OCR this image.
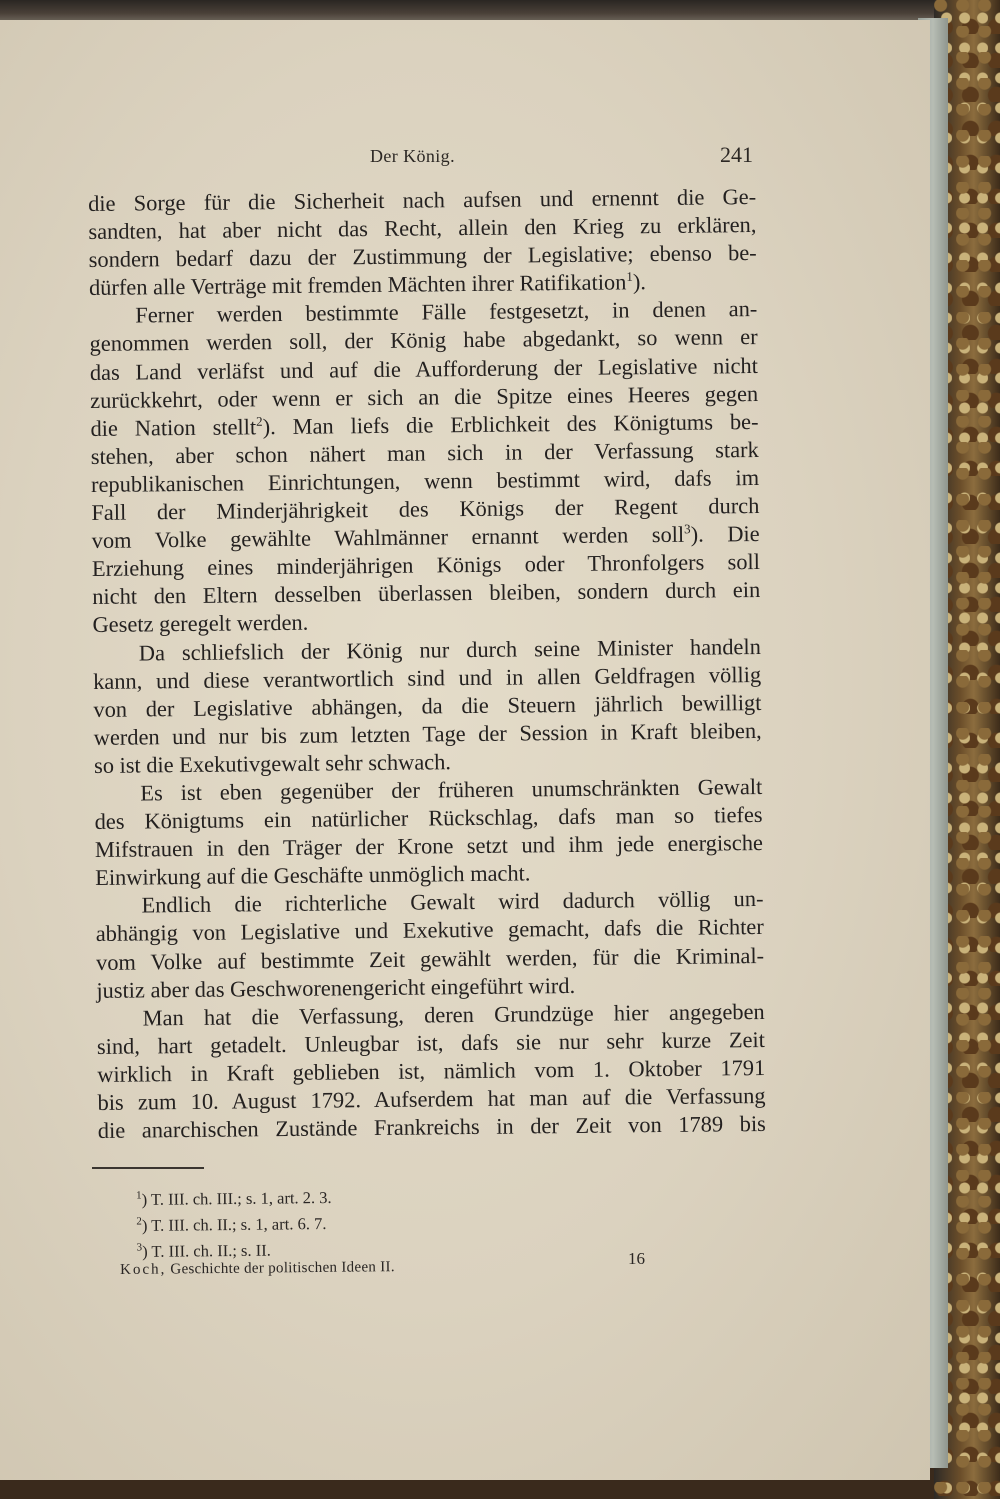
Der König.	241
die Sorge für die Sicherheit nach aufsen und ernennt die Ge-
sandten, hat aber nicht das Recht, allein den Krieg zu erklären,
sondern bedarf dazu der Zustimmung der Legislative; ebenso be-
dürfen alle Verträge mit fremden Mächten ihrer Ratifikation$^1$).
Ferner werden bestimmte Fälle festgesetzt, in denen an-
genommen werden soll, der König habe abgedankt, so wenn er
das Land verläfst und auf die Aufforderung der Legislative nicht
zurückkehrt, oder wenn er sich an die Spitze eines Heeres gegen
die Nation stellt$^2$). Man liefs die Erblichkeit des Königtums be-
stehen, aber schon nähert man sich in der Verfassung stark
republikanischen Einrichtungen, wenn bestimmt wird, dafs im
Fall der Minderjährigkeit des Königs der Regent durch
vom Volke gewählte Wahlmänner ernannt werden soll$^3$). Die
Erziehung eines minderjährigen Königs oder Thronfolgers soll
nicht den Eltern desselben überlassen bleiben, sondern durch ein
Gesetz geregelt werden.
Da schliefslich der König nur durch seine Minister handeln
kann, und diese verantwortlich sind und in allen Geldfragen völlig
von der Legislative abhängen, da die Steuern jährlich bewilligt
werden und nur bis zum letzten Tage der Session in Kraft bleiben,
so ist die Exekutivgewalt sehr schwach.
Es ist eben gegenüber der früheren unumschränkten Gewalt
des Königtums ein natürlicher Rückschlag, dafs man so tiefes
Mifstrauen in den Träger der Krone setzt und ihm jede energische
Einwirkung auf die Geschäfte unmöglich macht.
Endlich die richterliche Gewalt wird dadurch völlig un-
abhängig von Legislative und Exekutive gemacht, dafs die Richter
vom Volke auf bestimmte Zeit gewählt werden, für die Kriminal-
justiz aber das Geschworenengericht eingeführt wird.
Man hat die Verfassung, deren Grundzüge hier angegeben
sind, hart getadelt. Unleugbar ist, dafs sie nur sehr kurze Zeit
wirklich in Kraft geblieben ist, nämlich vom 1. Oktober 1791
bis zum 10. August 1792. Aufserdem hat man auf die Verfassung
die anarchischen Zustände Frankreichs in der Zeit von 1789 bis
$^1$) T. III. ch. III.; s. 1, art. 2. 3.
$^2$) T. III. ch. II.; s. 1, art. 6. 7.
$^3$) T. III. ch. II.; s. II.
Koch, Geschichte der politischen Ideen II.
16
